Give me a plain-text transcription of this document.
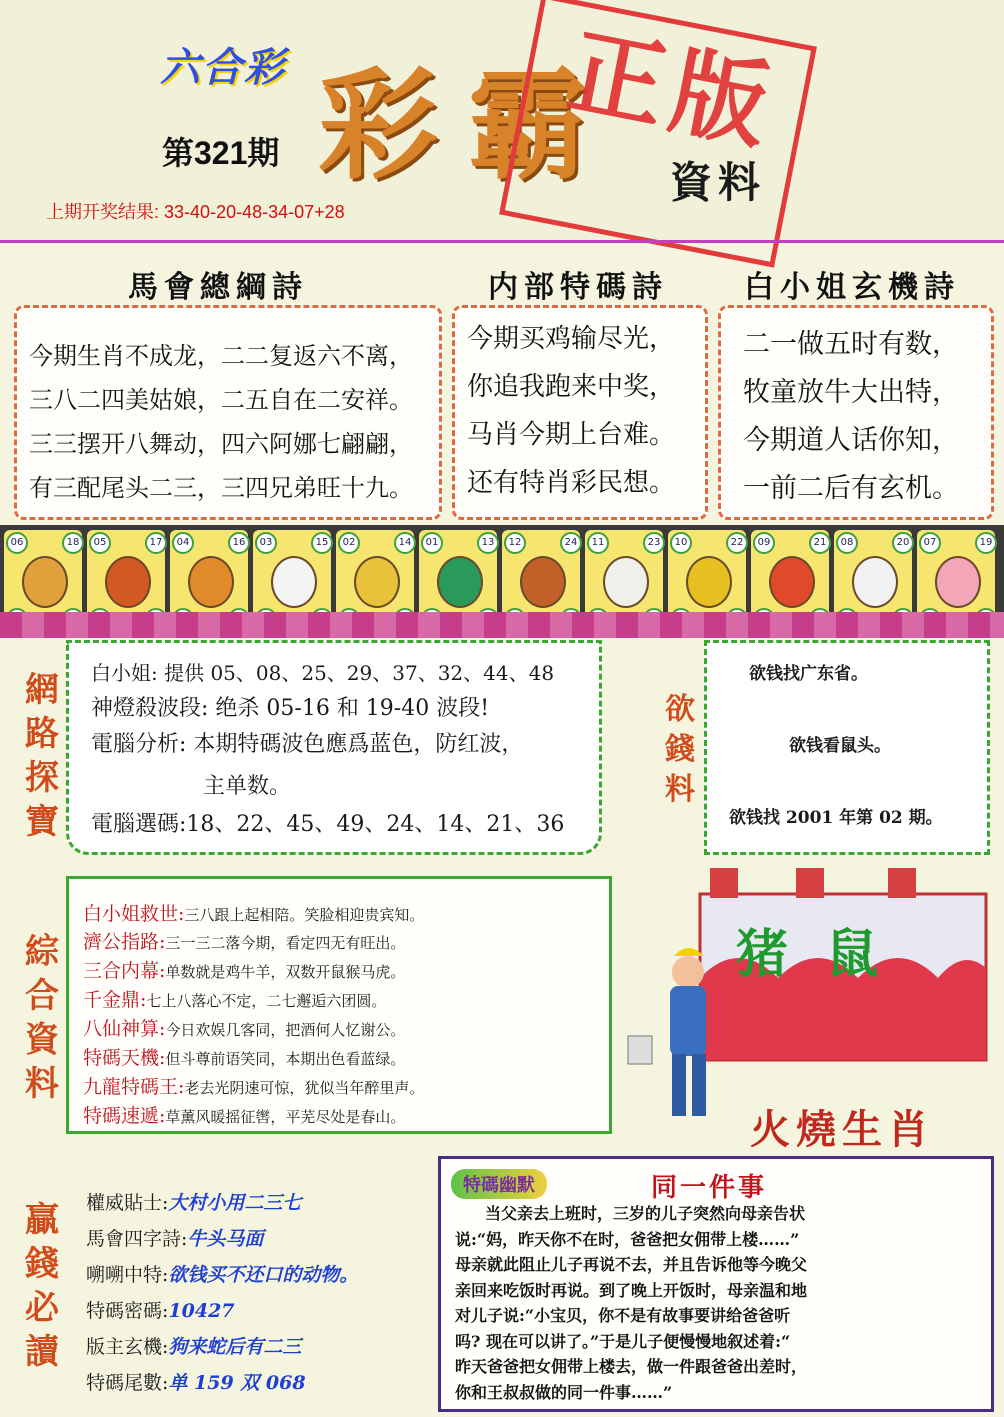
六合彩 彩霸
第321期
上期开奖结果: 33-40-20-48-34-07+28
資料
正版
馬會總綱詩	内部特碼詩	白小姐玄機詩
今期生肖不成龙，二二复返六不离，
三八二四美姑娘，二五自在二安祥。
三三摆开八舞动，四六阿娜七翩翩，
有三配尾头二三，三四兄弟旺十九。
今期买鸡输尽光，
你追我跑来中奖，
马肖今期上台难。
还有特肖彩民想。
二一做五时有数，
牧童放牛大出特，
今期道人话你知，
一前二后有玄机。
06	18	05	17	04	16	03	15	02	14	01	13	12	24	11	23	10	22	09	21	08	20	07	19
網
路
探
寶
白小姐: 提供 05、08、25、29、37、32、44、48
神燈殺波段: 绝杀 05-16 和 19-40 波段!
電腦分析: 本期特碼波色應爲蓝色，防红波，
主单数。
電腦選碼:18、22、45、49、24、14、21、36
欲
錢
料
欲钱找广东省。
欲钱看鼠头。
欲钱找 2001 年第 02 期。
綜
合
資
料
白小姐救世:三八跟上起相陪。笑脸相迎贵宾知。
濟公指路:三一三二落今期，看定四无有旺出。
三合内幕:单数就是鸡牛羊，双数开鼠猴马虎。
千金鼎:七上八落心不定，二七邂逅六团圆。
八仙神算:今日欢娱几客同，把酒何人忆谢公。
特碼天機:但斗尊前语笑同，本期出色看蓝绿。
九龍特碼王:老去光阴速可惊，犹似当年醉里声。
特碼速遞:草薰风暖摇征辔，平芜尽处是春山。
猪 鼠
火燒生肖
贏
錢
必
讀
權威貼士:大村小用二三七
馬會四字詩:牛头马面
嗍嗍中特:欲钱买不还口的动物。
特碼密碼:10427
版主玄機:狗来蛇后有二三
特碼尾數:单 159 双 068
特碼幽默	同一件事
当父亲去上班时，三岁的儿子突然向母亲告状
说:“妈，昨天你不在时，爸爸把女佣带上楼……”
母亲就此阻止儿子再说不去，并且告诉他等今晚父
亲回来吃饭时再说。到了晚上开饭时，母亲温和地
对儿子说:“小宝贝，你不是有故事要讲给爸爸听
吗? 现在可以讲了。”于是儿子便慢慢地叙述着:“
昨天爸爸把女佣带上楼去，做一件跟爸爸出差时，
你和王叔叔做的同一件事……”
